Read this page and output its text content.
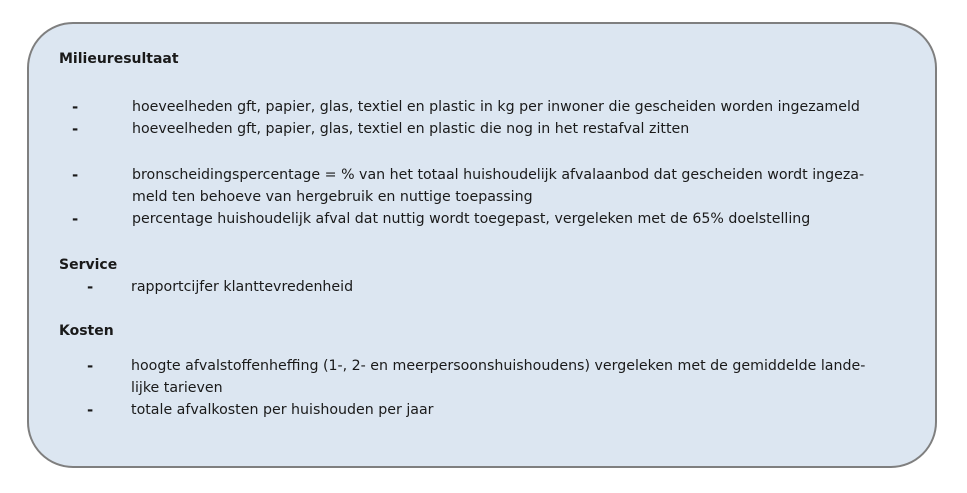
Milieuresultaat
-	hoeveelheden gft, papier, glas, textiel en plastic in kg per inwoner die gescheiden worden ingezameld
-	hoeveelheden gft, papier, glas, textiel en plastic die nog in het restafval zitten
-	bronscheidingspercentage = % van het totaal huishoudelijk afvalaanbod dat gescheiden wordt ingeza-
meld ten behoeve van hergebruik en nuttige toepassing
-	percentage huishoudelijk afval dat nuttig wordt toegepast, vergeleken met de 65% doelstelling
Service
-	rapportcijfer klanttevredenheid
Kosten
-	hoogte afvalstoffenheffing (1-, 2- en meerpersoonshuishoudens) vergeleken met de gemiddelde lande-
lijke tarieven
-	totale afvalkosten per huishouden per jaar
